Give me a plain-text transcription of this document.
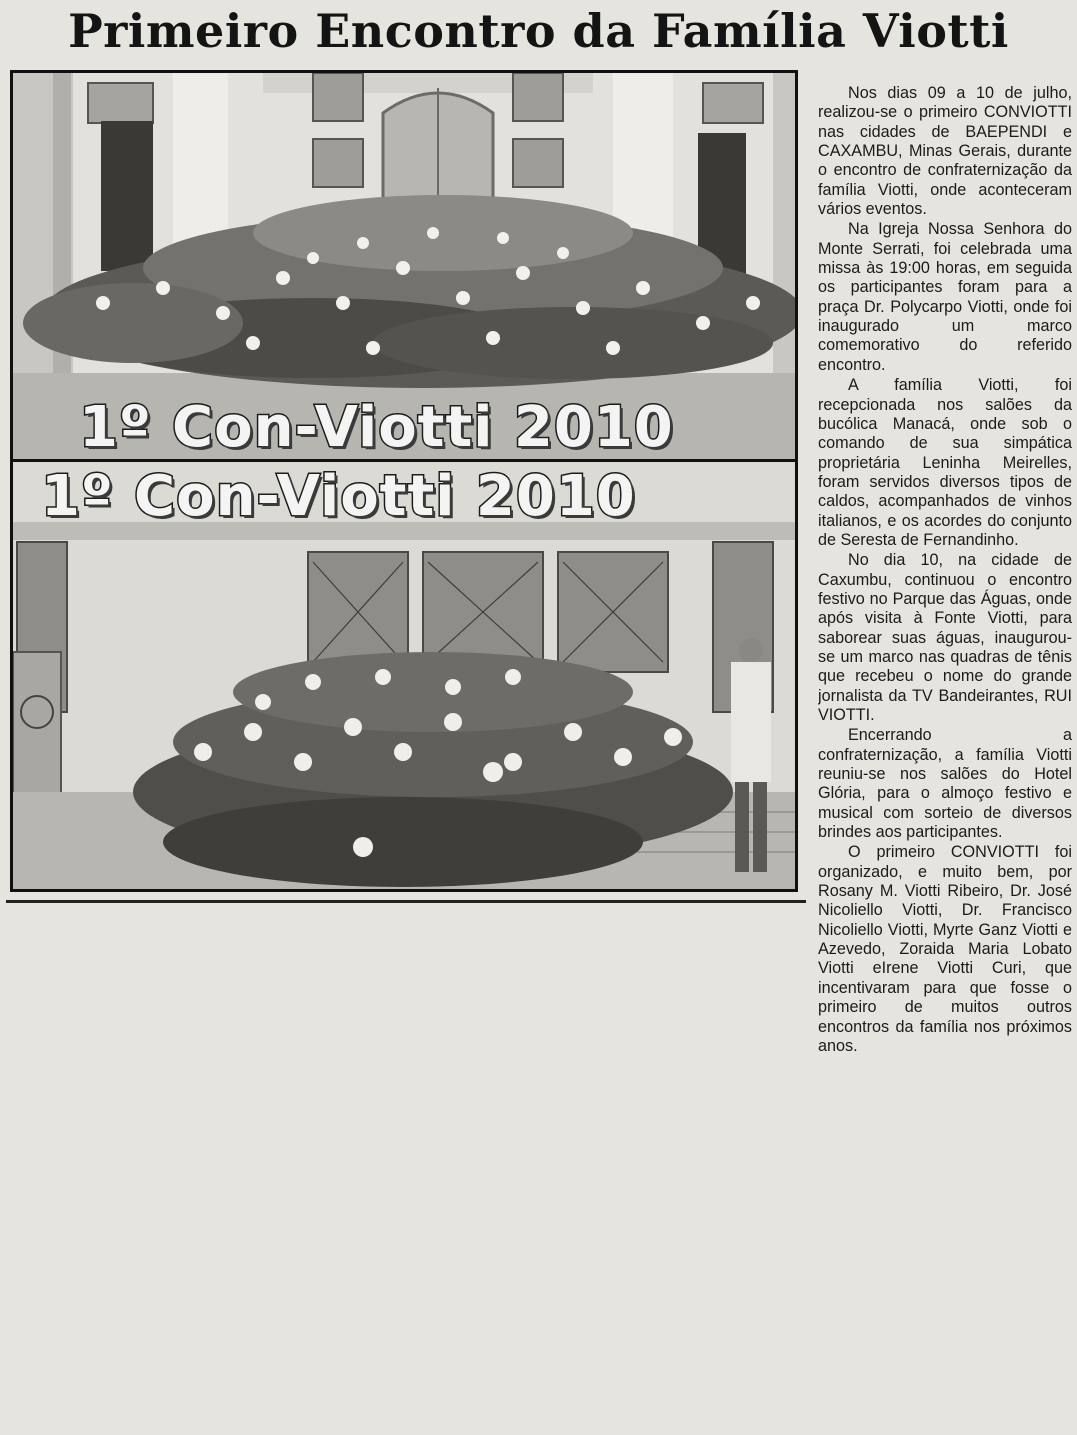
Primeiro Encontro da Família Viotti
1º Con-Viotti 2010
1º Con-Viotti 2010

Nos dias 09 a 10 de julho, realizou-se o primeiro CONVIOTTI nas cidades de BAEPENDI e CAXAMBU, Minas Gerais, durante o encontro de confraternização da família Viotti, onde aconteceram vários eventos.

Na Igreja Nossa Senhora do Monte Serrati, foi celebrada uma missa às 19:00 horas, em seguida os participantes foram para a praça Dr. Polycarpo Viotti, onde foi inaugurado um marco comemorativo do referido encontro.

A família Viotti, foi recepcionada nos salões da bucólica Manacá, onde sob o comando de sua simpática proprietária Leninha Meirelles, foram servidos diversos tipos de caldos, acompanhados de vinhos italianos, e os acordes do conjunto de Seresta de Fernandinho.

No dia 10, na cidade de Caxumbu, continuou o encontro festivo no Parque das Águas, onde após visita à Fonte Viotti, para saborear suas águas, inaugurou-se um marco nas quadras de tênis que recebeu o nome do grande jornalista da TV Bandeirantes, RUI VIOTTI.

Encerrando a confraternização, a família Viotti reuniu-se nos salões do Hotel Glória, para o almoço festivo e musical com sorteio de diversos brindes aos participantes.

O primeiro CONVIOTTI foi organizado, e muito bem, por Rosany M. Viotti Ribeiro, Dr. José Nicoliello Viotti, Dr. Francisco Nicoliello Viotti, Myrte Ganz Viotti e Azevedo, Zoraida Maria Lobato Viotti eIrene Viotti Curi, que incentivaram para que fosse o primeiro de muitos outros encontros da família nos próximos anos.
